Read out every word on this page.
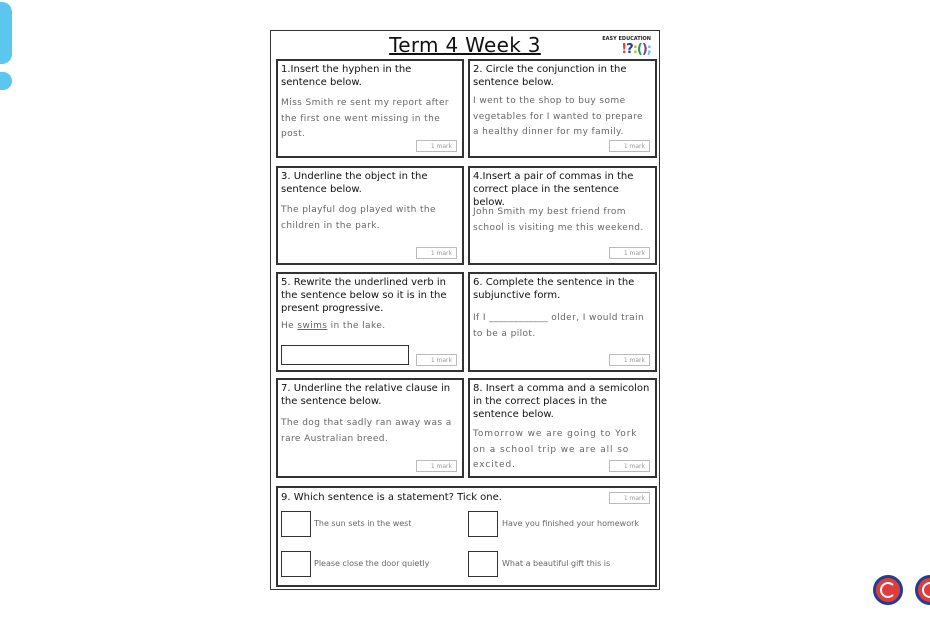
Term 4 Week 3	EASY EDUCATION
!?:();
1.Insert the hyphen in the sentence below.
Miss Smith re sent my report after the first one went missing in the post.
1 mark
2. Circle the conjunction in the sentence below.
I went to the shop to buy some vegetables for I wanted to prepare a healthy dinner for my family.
1 mark
3. Underline the object in the sentence below.
The playful dog played with the children in the park.
1 mark
4.Insert a pair of commas in the correct place in the sentence below.
John Smith my best friend from school is visiting me this weekend.
1 mark
5. Rewrite the underlined verb in the sentence below so it is in the present progressive.
He swims in the lake.
1 mark
6. Complete the sentence in the subjunctive form.
If I ____________ older, I would train to be a pilot.
1 mark
7. Underline the relative clause in the sentence below.
The dog that sadly ran away was a rare Australian breed.
1 mark
8. Insert a comma and a semicolon in the correct places in the sentence below.
Tomorrow we are going to York on a school trip we are all so excited.	1 mark
9. Which sentence is a statement? Tick one.	1 mark
The sun sets in the west	Have you finished your homework
Please close the door quietly	What a beautiful gift this is
